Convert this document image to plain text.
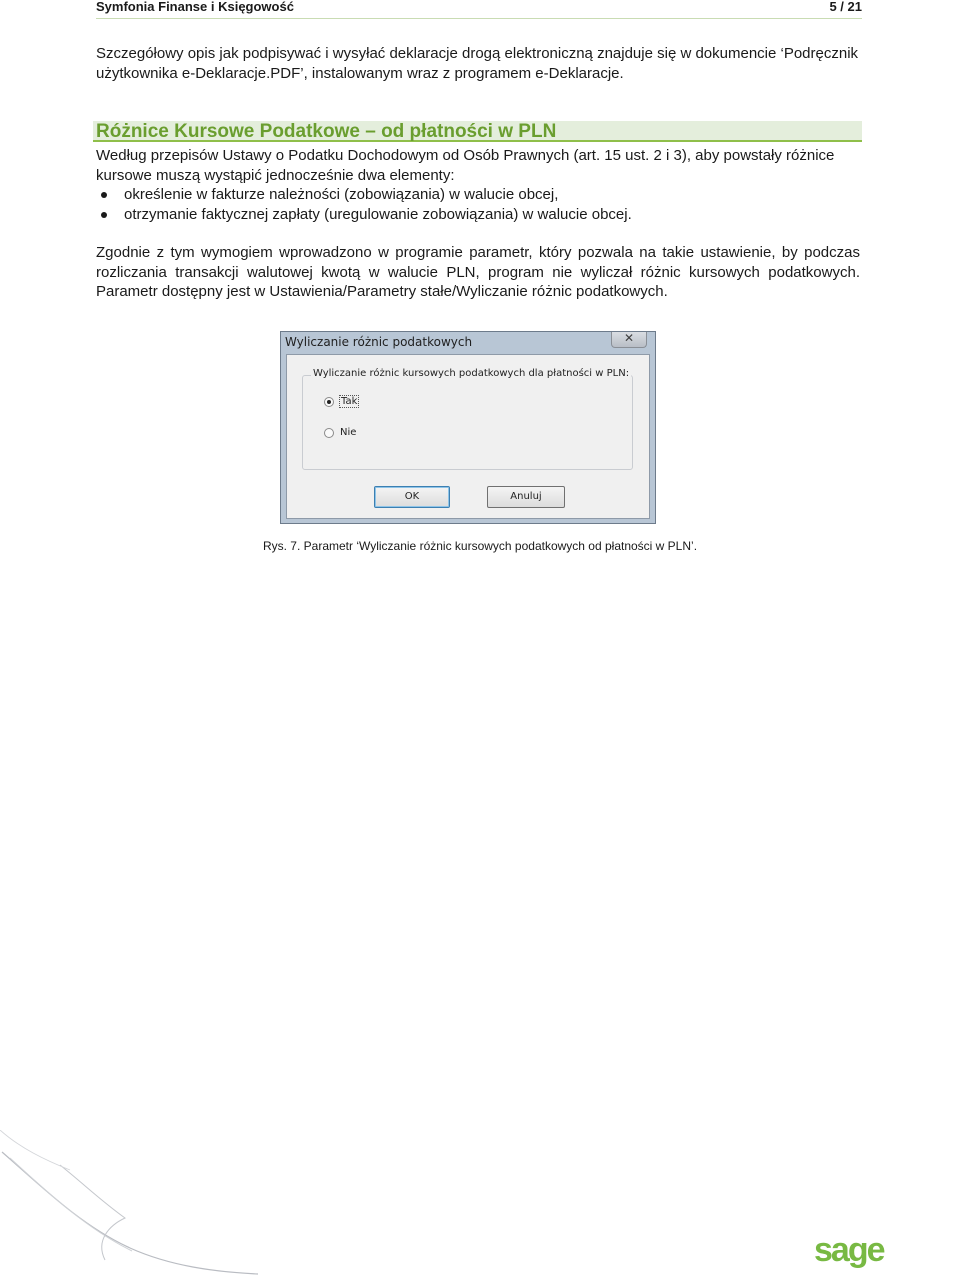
Symfonia Finanse i Księgowość	5 / 21

Szczegółowy opis jak podpisywać i wysyłać deklaracje drogą elektroniczną znajduje się w dokumencie ‘Podręcznik użytkownika e-Deklaracje.PDF’, instalowanym wraz z programem e-Deklaracje.

Różnice Kursowe Podatkowe – od płatności w PLN

Według przepisów Ustawy o Podatku Dochodowym od Osób Prawnych (art. 15 ust. 2 i 3), aby powstały różnice kursowe muszą wystąpić jednocześnie dwa elementy:

określenie w fakturze należności (zobowiązania) w walucie obcej,
otrzymanie faktycznej zapłaty (uregulowanie zobowiązania) w walucie obcej.

Zgodnie z tym wymogiem wprowadzono w programie parametr, który pozwala na takie ustawienie, by podczas rozliczania transakcji walutowej kwotą w walucie PLN, program nie wyliczał różnic kursowych podatkowych. Parametr dostępny jest w Ustawienia/Parametry stałe/Wyliczanie różnic podatkowych.

Wyliczanie różnic podatkowych	✕
Wyliczanie różnic kursowych podatkowych dla płatności w PLN:
Tak
Nie
OK	Anuluj
Rys. 7. Parametr ‘Wyliczanie różnic kursowych podatkowych od płatności w PLN’.
sage
